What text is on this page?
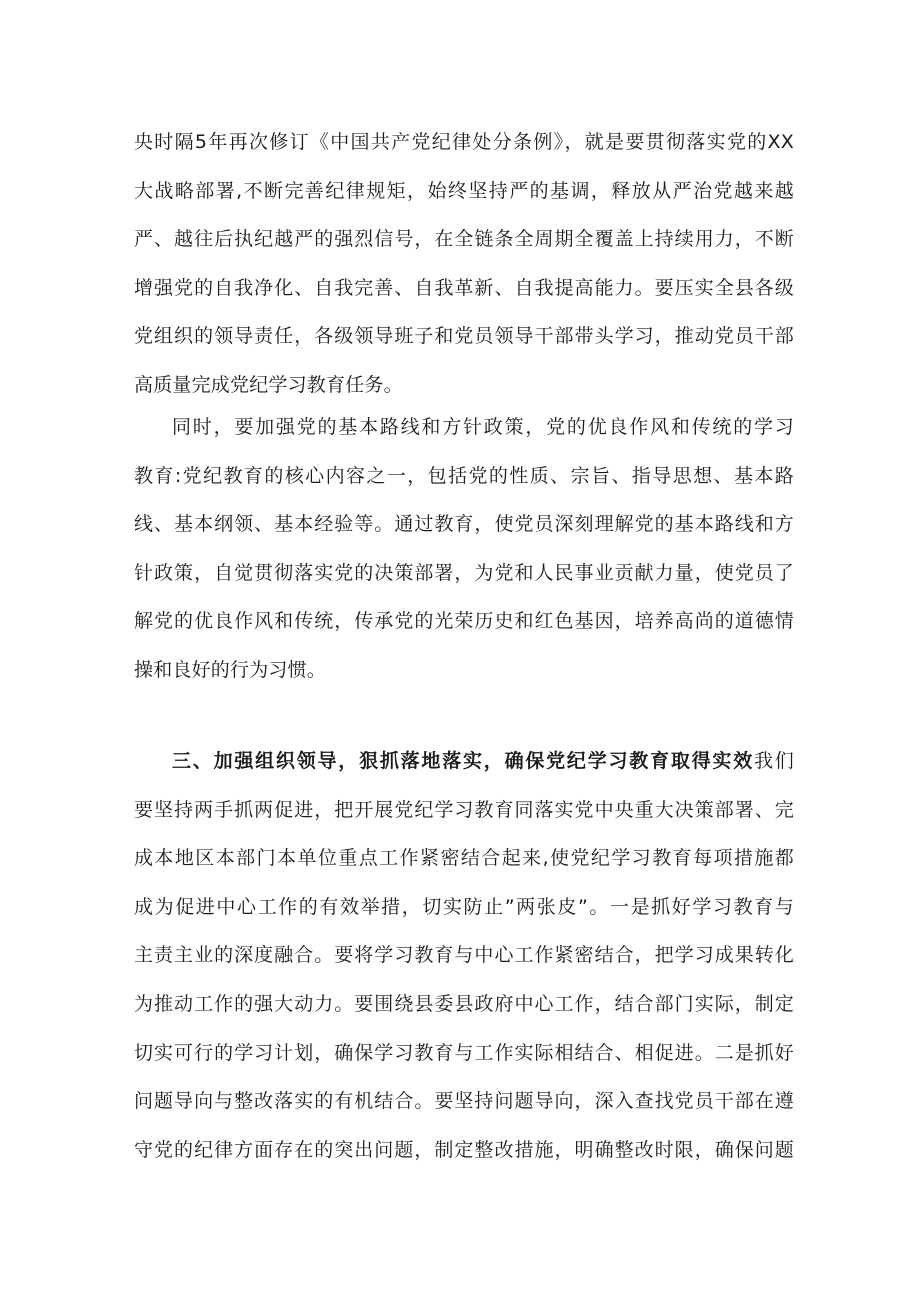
央时隔5年再次修订《中国共产党纪律处分条例》，就是要贯彻落实党的XX
大战略部署,不断完善纪律规矩，始终坚持严的基调，释放从严治党越来越
严、越往后执纪越严的强烈信号，在全链条全周期全覆盖上持续用力，不断
增强党的自我净化、自我完善、自我革新、自我提高能力。要压实全县各级
党组织的领导责任，各级领导班子和党员领导干部带头学习，推动党员干部
高质量完成党纪学习教育任务。

同时，要加强党的基本路线和方针政策，党的优良作风和传统的学习
教育:党纪教育的核心内容之一，包括党的性质、宗旨、指导思想、基本路
线、基本纲领、基本经验等。通过教育，使党员深刻理解党的基本路线和方
针政策，自觉贯彻落实党的决策部署，为党和人民事业贡献力量，使党员了
解党的优良作风和传统，传承党的光荣历史和红色基因，培养高尚的道德情
操和良好的行为习惯。

三、加强组织领导，狠抓落地落实，确保党纪学习教育取得实效我们
要坚持两手抓两促进，把开展党纪学习教育同落实党中央重大决策部署、完
成本地区本部门本单位重点工作紧密结合起来,使党纪学习教育每项措施都
成为促进中心工作的有效举措，切实防止”两张皮”。一是抓好学习教育与
主责主业的深度融合。要将学习教育与中心工作紧密结合，把学习成果转化
为推动工作的强大动力。要围绕县委县政府中心工作，结合部门实际，制定
切实可行的学习计划，确保学习教育与工作实际相结合、相促进。二是抓好
问题导向与整改落实的有机结合。要坚持问题导向，深入查找党员干部在遵
守党的纪律方面存在的突出问题，制定整改措施，明确整改时限，确保问题
